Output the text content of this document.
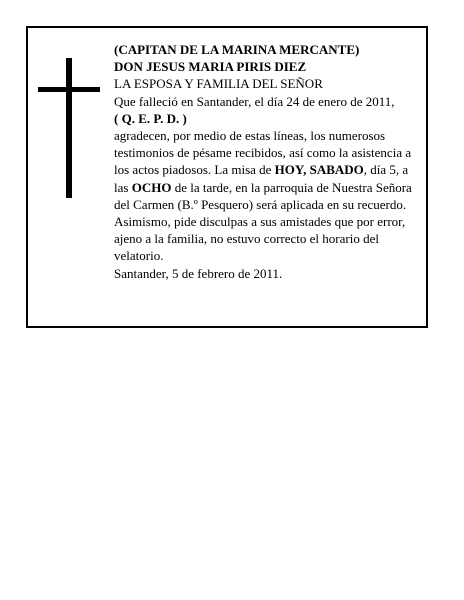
(CAPITAN DE LA MARINA MERCANTE)
DON JESUS MARIA PIRIS DIEZ
LA ESPOSA Y FAMILIA DEL SEÑOR
Que falleció en Santander, el día 24 de enero de 2011,
( Q. E. P. D. )
agradecen, por medio de estas líneas, los numerosos testimonios de pésame recibidos, así como la asistencia a los actos piadosos. La misa de HOY, SABADO, día 5, a las OCHO de la tarde, en la parroquia de Nuestra Señora del Carmen (B.º Pesquero) será aplicada en su recuerdo. Asimismo, pide disculpas a sus amistades que por error, ajeno a la familia, no estuvo correcto el horario del velatorio.
Santander, 5 de febrero de 2011.
